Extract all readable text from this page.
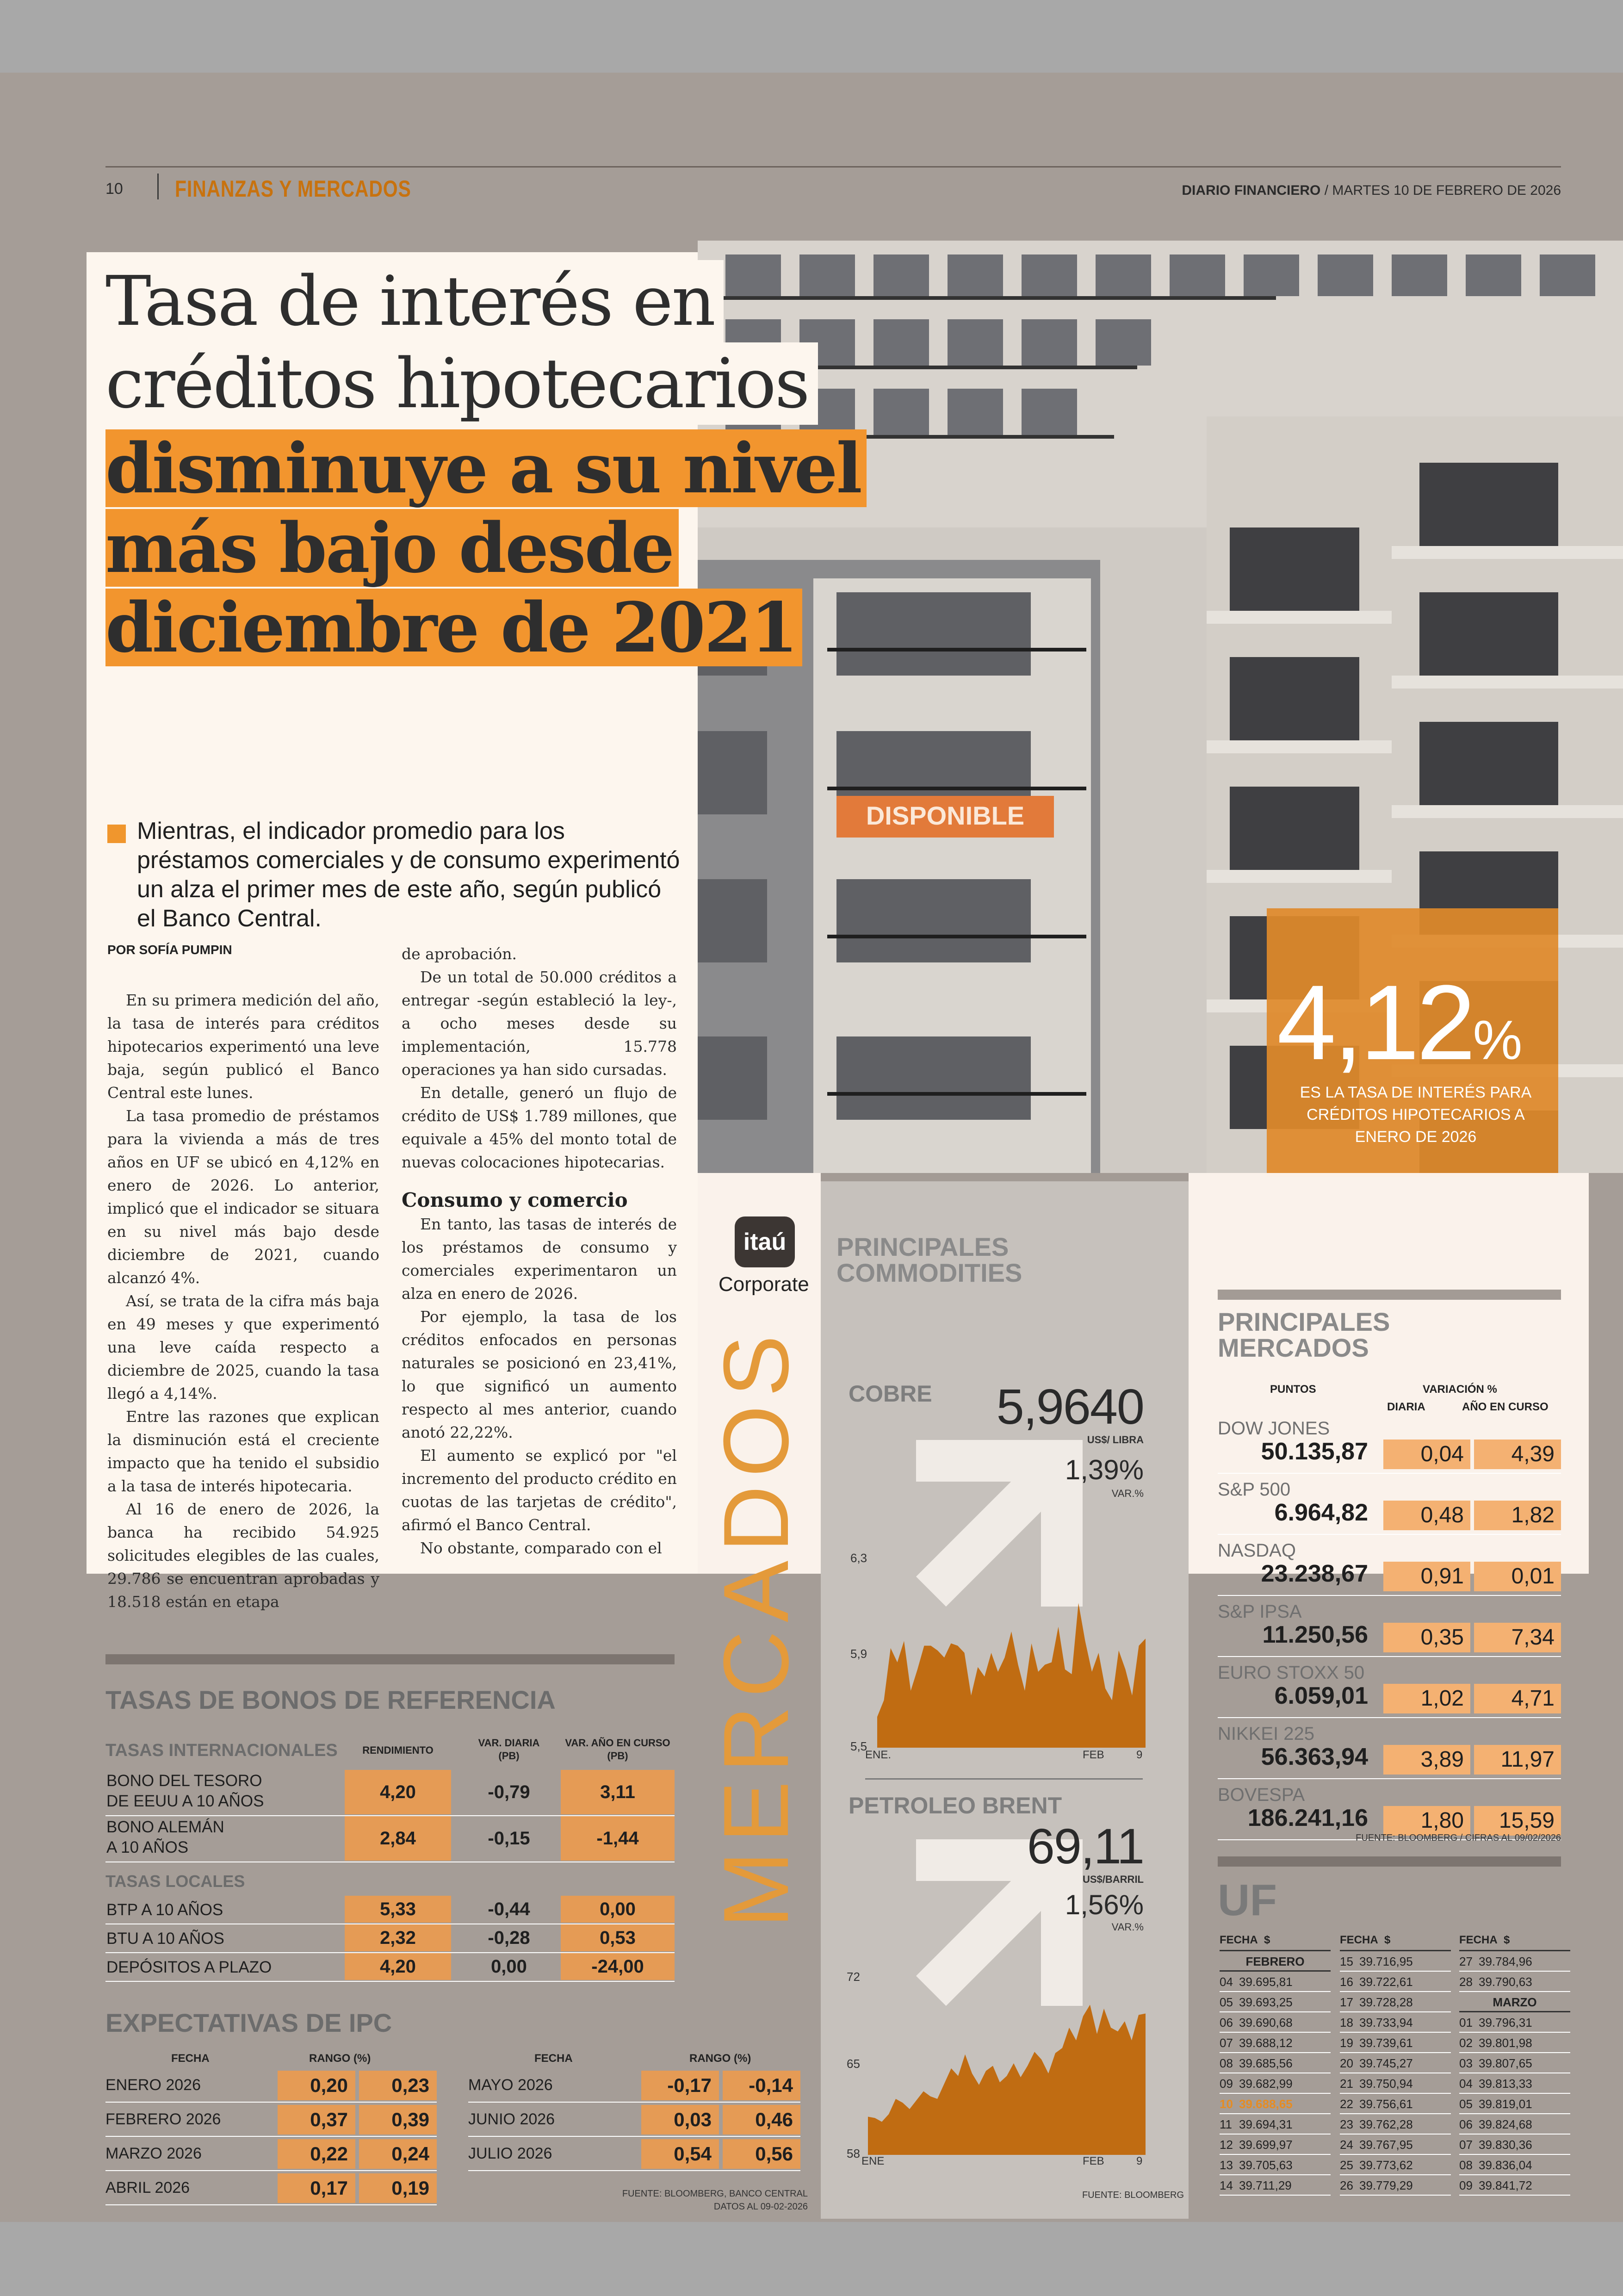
10 FINANZAS Y MERCADOS	DIARIO FINANCIERO / MARTES 10 DE FEBRERO DE 2026
DISPONIBLE
Tasa de interés en
créditos hipotecarios
disminuye a su nivel
más bajo desde
diciembre de 2021
Mientras, el indicador promedio para los préstamos comerciales y de consumo experimentó un alza el primer mes de este año, según publicó el Banco Central.
POR SOFÍA PUMPIN

En su primera medición del año, la tasa de interés para créditos hipotecarios experimentó una leve baja, según publicó el Banco Central este lunes.

La tasa promedio de préstamos para la vivienda a más de tres años en UF se ubicó en 4,12% en enero de 2026. Lo anterior, implicó que el indicador se situara en su nivel más bajo desde diciembre de 2021, cuando alcanzó 4%.

Así, se trata de la cifra más baja en 49 meses y que experimentó una leve caída respecto a diciembre de 2025, cuando la tasa llegó a 4,14%.

Entre las razones que explican la disminución está el creciente impacto que ha tenido el subsidio a la tasa de interés hipotecaria.

Al 16 de enero de 2026, la banca ha recibido 54.925 solicitudes elegibles de las cuales, 29.786 se encuentran aprobadas y 18.518 están en etapa

de aprobación.

De un total de 50.000 créditos a entregar -según estableció la ley-, a ocho meses desde su implementación, 15.778 operaciones ya han sido cursadas.

En detalle, generó un flujo de crédito de US$ 1.789 millones, que equivale a 45% del monto total de nuevas colocaciones hipotecarias.

Consumo y comercio

En tanto, las tasas de interés de los préstamos de consumo y comerciales experimentaron un alza en enero de 2026.

Por ejemplo, la tasa de los créditos enfocados en personas naturales se posicionó en 23,41%, lo que significó un aumento respecto al mes anterior, cuando anotó 22,22%.

El aumento se explicó por "el incremento del producto crédito en cuotas de las tarjetas de crédito", afirmó el Banco Central.

No obstante, comparado con el

4,12%
ES LA TASA DE INTERÉS PARA CRÉDITOS HIPOTECARIOS A ENERO DE 2026
itaú
Corporate
MERCADOS
PRINCIPALES
COMMODITIES
COBRE 5,9640
US$/ LIBRA
1,39%
VAR.%
6,3
5,9
5,5
ENE.	FEB	9
PETROLEO BRENT
69,11
US$/BARRIL
1,56%
VAR.%
72
65
58
ENE	FEB	9
FUENTE: BLOOMBERG
PRINCIPALES
MERCADOS
PUNTOS	VARIACIÓN %
DIARIA	AÑO EN CURSO
DOW JONES
50.135,87	0,04	4,39
S&P 500
6.964,82	0,48	1,82
NASDAQ
23.238,67	0,91	0,01
S&P IPSA
11.250,56	0,35	7,34
EURO STOXX 50
6.059,01	1,02	4,71
NIKKEI 225
56.363,94	3,89	11,97
BOVESPA
186.241,16	1,80	15,59
FUENTE: BLOOMBERG / CIFRAS AL 09/02/2026
UF
FECHA $
FEBRERO
04 39.695,81
05 39.693,25
06 39.690,68
07 39.688,12
08 39.685,56
09 39.682,99
10 39.688,65
11 39.694,31
12 39.699,97
13 39.705,63
14 39.711,29
FECHA $
15 39.716,95
16 39.722,61
17 39.728,28
18 39.733,94
19 39.739,61
20 39.745,27
21 39.750,94
22 39.756,61
23 39.762,28
24 39.767,95
25 39.773,62
26 39.779,29
FECHA $
27 39.784,96
28 39.790,63
MARZO
01 39.796,31
02 39.801,98
03 39.807,65
04 39.813,33
05 39.819,01
06 39.824,68
07 39.830,36
08 39.836,04
09 39.841,72
TASAS DE BONOS DE REFERENCIA
TASAS INTERNACIONALES	RENDIMIENTO
VAR. DIARIA
(PB)
VAR. AÑO EN CURSO
(PB)
BONO DEL TESORO
DE EEUU A 10 AÑOS	4,20	-0,79	3,11
BONO ALEMÁN
A 10 AÑOS	2,84	-0,15	-1,44
BTP A 10 AÑOS	5,33	-0,44	0,00
BTU A 10 AÑOS	2,32	-0,28	0,53
DEPÓSITOS A PLAZO	4,20	0,00	-24,00
TASAS LOCALES
EXPECTATIVAS DE IPC
FECHA	RANGO (%)	FECHA	RANGO (%)
ENERO 2026	0,20	0,23
FEBRERO 2026	0,37	0,39
MARZO 2026	0,22	0,24
ABRIL 2026	0,17	0,19
MAYO 2026	-0,17	-0,14
JUNIO 2026	0,03	0,46
JULIO 2026	0,54	0,56
FUENTE: BLOOMBERG, BANCO CENTRAL
DATOS AL 09-02-2026
